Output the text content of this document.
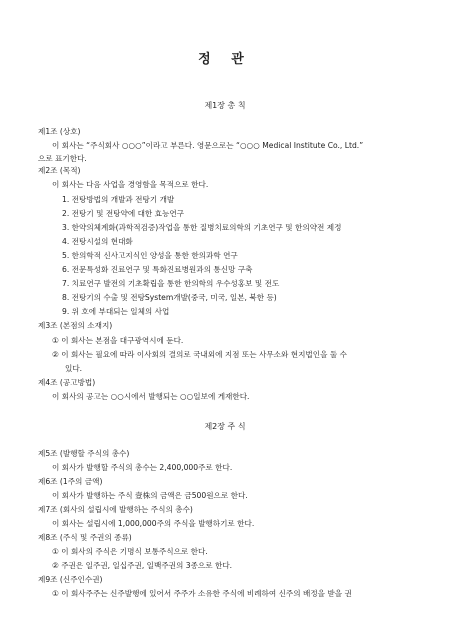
정 관
제1장 총 칙
제1조 (상호)
이 회사는 “주식회사 ○○○”이라고 부른다. 영문으로는 “○○○ Medical Institute Co., Ltd.”
으로 표기한다.
제2조 (목적)
이 회사는 다음 사업을 경영함을 목적으로 한다.
1. 전탕방법의 개발과 전탕기 개발
2. 전탕기 및 전탕약에 대한 효능연구
3. 한약의체계화(과학적검증)작업을 통한 질병치료의학의 기초연구 및 한의약전 제정
4. 전탕시설의 현대화
5. 한의학적 신사고지식인 양성을 통한 한의과학 연구
6. 전문특성화 진료연구 및 특화진료병원과의 통신망 구축
7. 치료연구 발전의 기초확립을 통한 한의학의 우수성홍보 및 전도
8. 전탕기의 수출 및 전탕System개발(중국, 미국, 일본, 북한 등)
9. 위 호에 부대되는 일체의 사업
제3조 (본점의 소재지)
① 이 회사는 본점을 대구광역시에 둔다.
② 이 회사는 필요에 따라 이사회의 결의로 국내외에 지점 또는 사무소와 현지법인을 둘 수
있다.
제4조 (공고방법)
이 회사의 공고는 ○○시에서 발행되는 ○○일보에 게재한다.
제2장 주 식
제5조 (발행할 주식의 총수)
이 회사가 발행할 주식의 총수는 2,400,000주로 한다.
제6조 (1주의 금액)
이 회사가 발행하는 주식 壹株의 금액은 금500원으로 한다.
제7조 (회사의 설립시에 발행하는 주식의 총수)
이 회사는 설립시에 1,000,000주의 주식을 발행하기로 한다.
제8조 (주식 및 주권의 종류)
① 이 회사의 주식은 기명식 보통주식으로 한다.
② 주권은 일주권, 일십주권, 일백주권의 3종으로 한다.
제9조 (신주인수권)
① 이 회사주주는 신주발행에 있어서 주주가 소유한 주식에 비례하여 신주의 배정을 받을 권
